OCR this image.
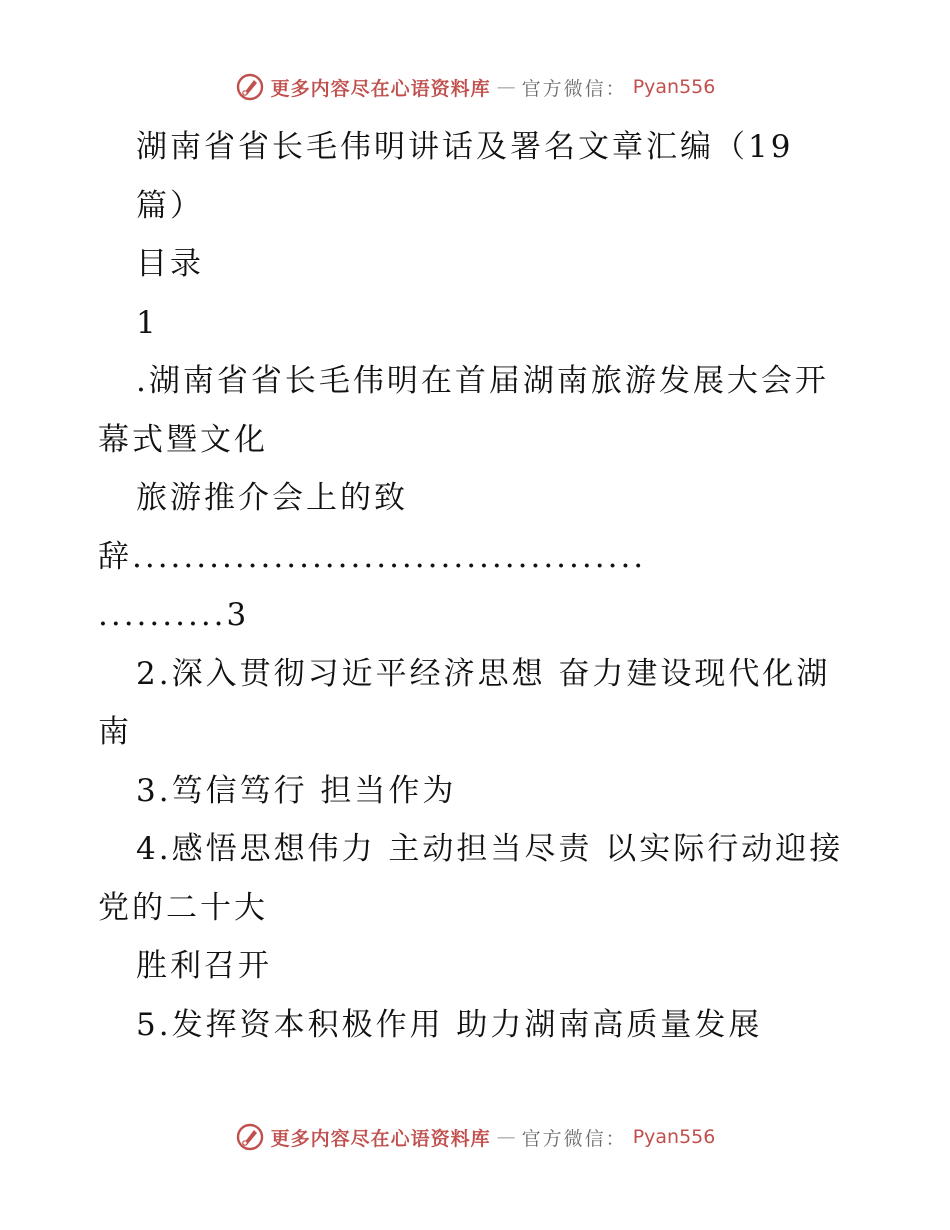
更多内容尽在心语资料库 — 官方微信： Pyan556
湖南省省长毛伟明讲话及署名文章汇编（19
篇）
目录
1
.湖南省省长毛伟明在首届湖南旅游发展大会开
幕式暨文化
旅游推介会上的致
辞........................................
..........3
2.深入贯彻习近平经济思想 奋力建设现代化湖
南
3.笃信笃行 担当作为
4.感悟思想伟力 主动担当尽责 以实际行动迎接
党的二十大
胜利召开
5.发挥资本积极作用 助力湖南高质量发展
更多内容尽在心语资料库 — 官方微信： Pyan556
